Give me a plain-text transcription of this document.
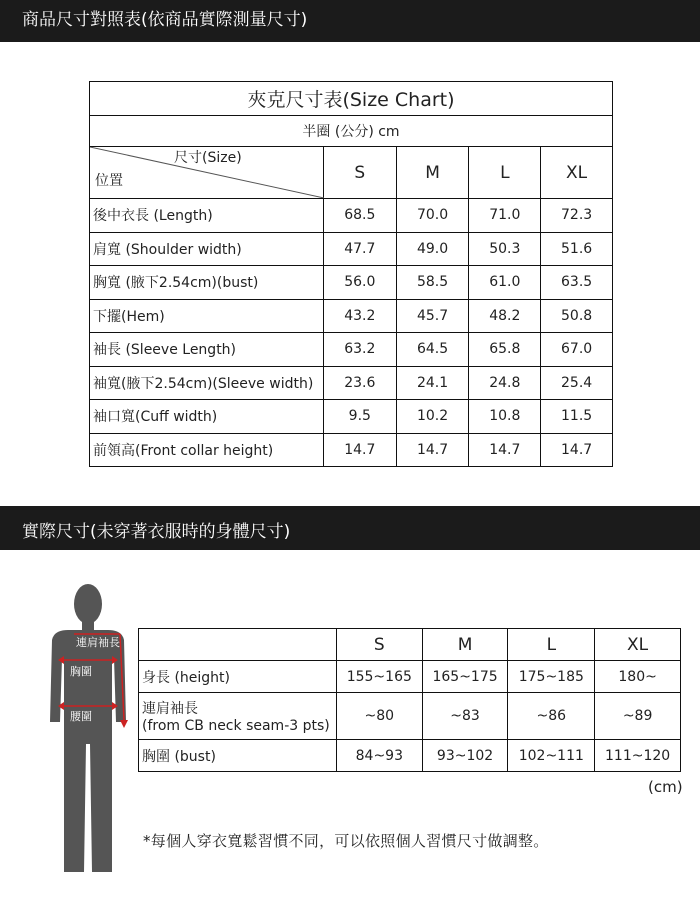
商品尺寸對照表(依商品實際測量尺寸)
夾克尺寸表(Size Chart)				
半圈 (公分) cm				

尺寸(Size)
位置	S	M	L	XL
後中衣長 (Length)	68.5	70.0	71.0	72.3
肩寬 (Shoulder width)	47.7	49.0	50.3	51.6
胸寬 (腋下2.54cm)(bust)	56.0	58.5	61.0	63.5
下擺(Hem)	43.2	45.7	48.2	50.8
袖長 (Sleeve Length)	63.2	64.5	65.8	67.0
袖寬(腋下2.54cm)(Sleeve width)	23.6	24.1	24.8	25.4
袖口寬(Cuff width)	9.5	10.2	10.8	11.5
前領高(Front collar height)	14.7	14.7	14.7	14.7
實際尺寸(未穿著衣服時的身體尺寸)
連肩袖長
胸圍
腰圍
	S	M	L	XL
身長 (height)	155~165	165~175	175~185	180~

連肩袖長
(from CB neck seam-3 pts)	~80	~83	~86	~89
胸圍 (bust)	84~93	93~102	102~111	111~120
(cm)
*每個人穿衣寬鬆習慣不同，可以依照個人習慣尺寸做調整。
